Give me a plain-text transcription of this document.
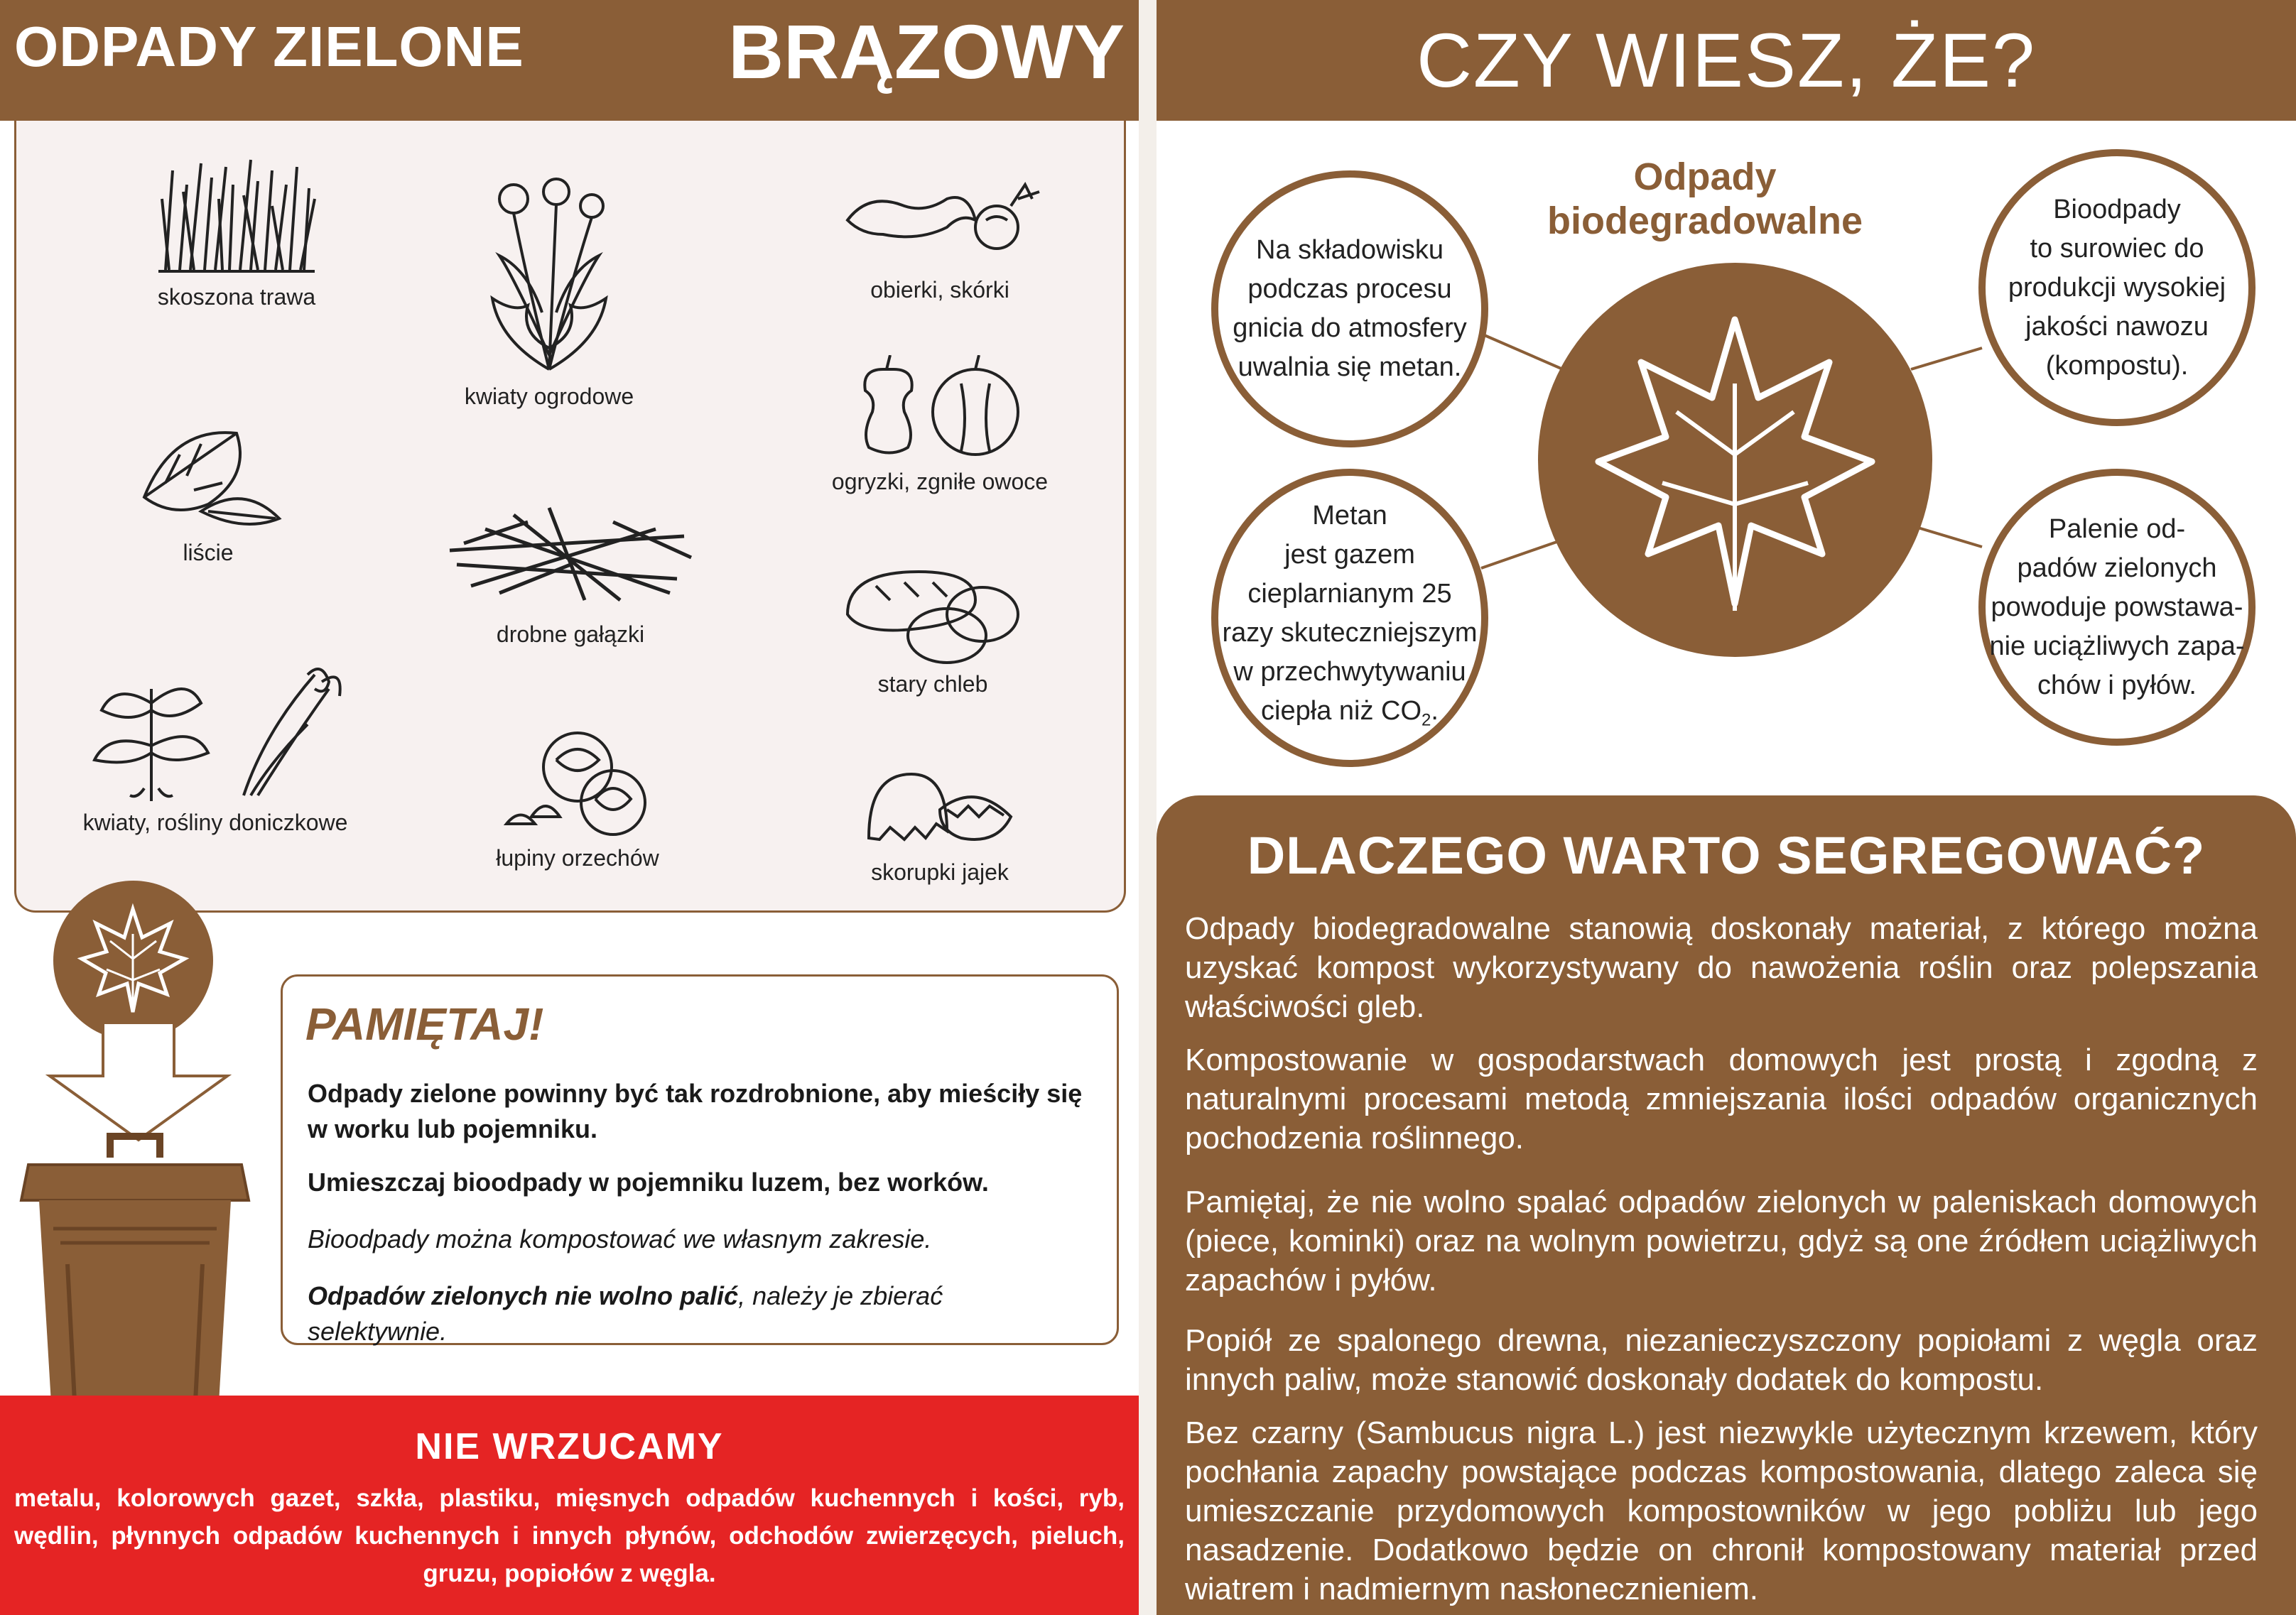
ODPADY ZIELONE	BRĄZOWY
skoszona trawa
liście
kwiaty, rośliny doniczkowe
kwiaty ogrodowe
drobne gałązki
łupiny orzechów
obierki, skórki
ogryzki, zgniłe owoce
stary chleb
skorupki jajek
PAMIĘTAJ!

Odpady zielone powinny być tak rozdrobnione, aby mieściły się w worku lub pojemniku.

Umieszczaj bioodpady w pojemniku luzem, bez worków.

Bioodpady można kompostować we własnym zakresie.

Odpadów zielonych nie wolno palić, należy je zbierać selektywnie.

NIE WRZUCAMY
metalu, kolorowych gazet, szkła, plastiku, mięsnych odpadów kuchennych i kości, ryb, wędlin, płynnych odpadów kuchennych i innych płynów, odchodów zwierzęcych, pieluch, gruzu, popiołów z węgla.
CZY WIESZ, ŻE?
Odpady biodegradowalne
Na składowisku
podczas procesu
gnicia do atmosfery
uwalnia się metan.
Bioodpady
to surowiec do
produkcji wysokiej
jakości nawozu
(kompostu).
Metan
jest gazem
cieplarnianym 25
razy skuteczniejszym
w przechwytywaniu
ciepła niż $CO_2$.
Palenie od-
padów zielonych
powoduje powstawa-
nie uciążliwych zapa-
chów i pyłów.
DLACZEGO WARTO SEGREGOWAĆ?

Odpady biodegradowalne stanowią doskonały materiał, z którego można uzyskać kompost wykorzystywany do nawożenia roślin oraz polepszania właściwości gleb.

Kompostowanie w gospodarstwach domowych jest prostą i zgodną z naturalnymi procesami metodą zmniejszania ilości odpadów organicznych pochodzenia roślinnego.

Pamiętaj, że nie wolno spalać odpadów zielonych w paleniskach domowych (piece, kominki) oraz na wolnym powietrzu, gdyż są one źródłem uciążliwych zapachów i pyłów.

Popiół ze spalonego drewna, niezanieczyszczony popiołami z węgla oraz innych paliw, może stanowić doskonały dodatek do kompostu.

Bez czarny (Sambucus nigra L.) jest niezwykle użytecznym krzewem, który pochłania zapachy powstające podczas kompostowania, dlatego zaleca się umieszczanie przydomowych kompostowników w jego pobliżu lub jego nasadzenie. Dodatkowo będzie on chronił kompostowany materiał przed wiatrem i nadmiernym nasłonecznieniem.
